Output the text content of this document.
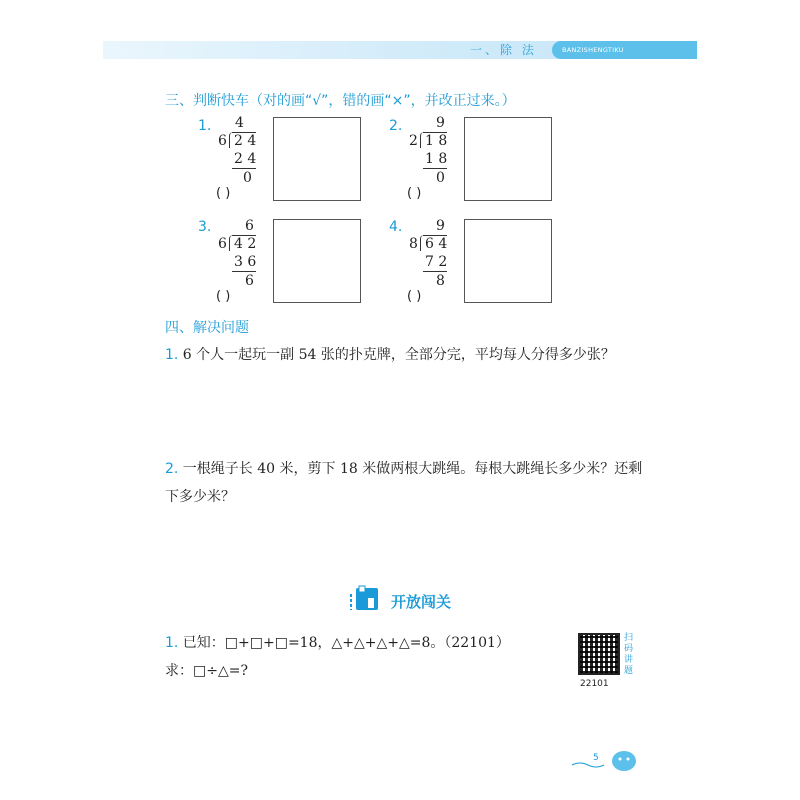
一、除 法	BANZISHENGTIKU
三、判断快车（对的画“√”，错的画“×”，并改正过来。）
1. 4
6 2 4
2 4
0
( )
2. 9
2 1 8
1 8
0
( )
3. 6
6 4 2
3 6
6
( )
4. 9
8 6 4
7 2
8
( )
四、解决问题
1. 6 个人一起玩一副 54 张的扑克牌，全部分完，平均每人分得多少张？
2. 一根绳子长 40 米，剪下 18 米做两根大跳绳。每根大跳绳长多少米？还剩下多少米？
开放闯关
1. 已知：□+□+□=18，△+△+△+△=8。（22101）
求：□÷△=?
22101
扫码讲题
5
